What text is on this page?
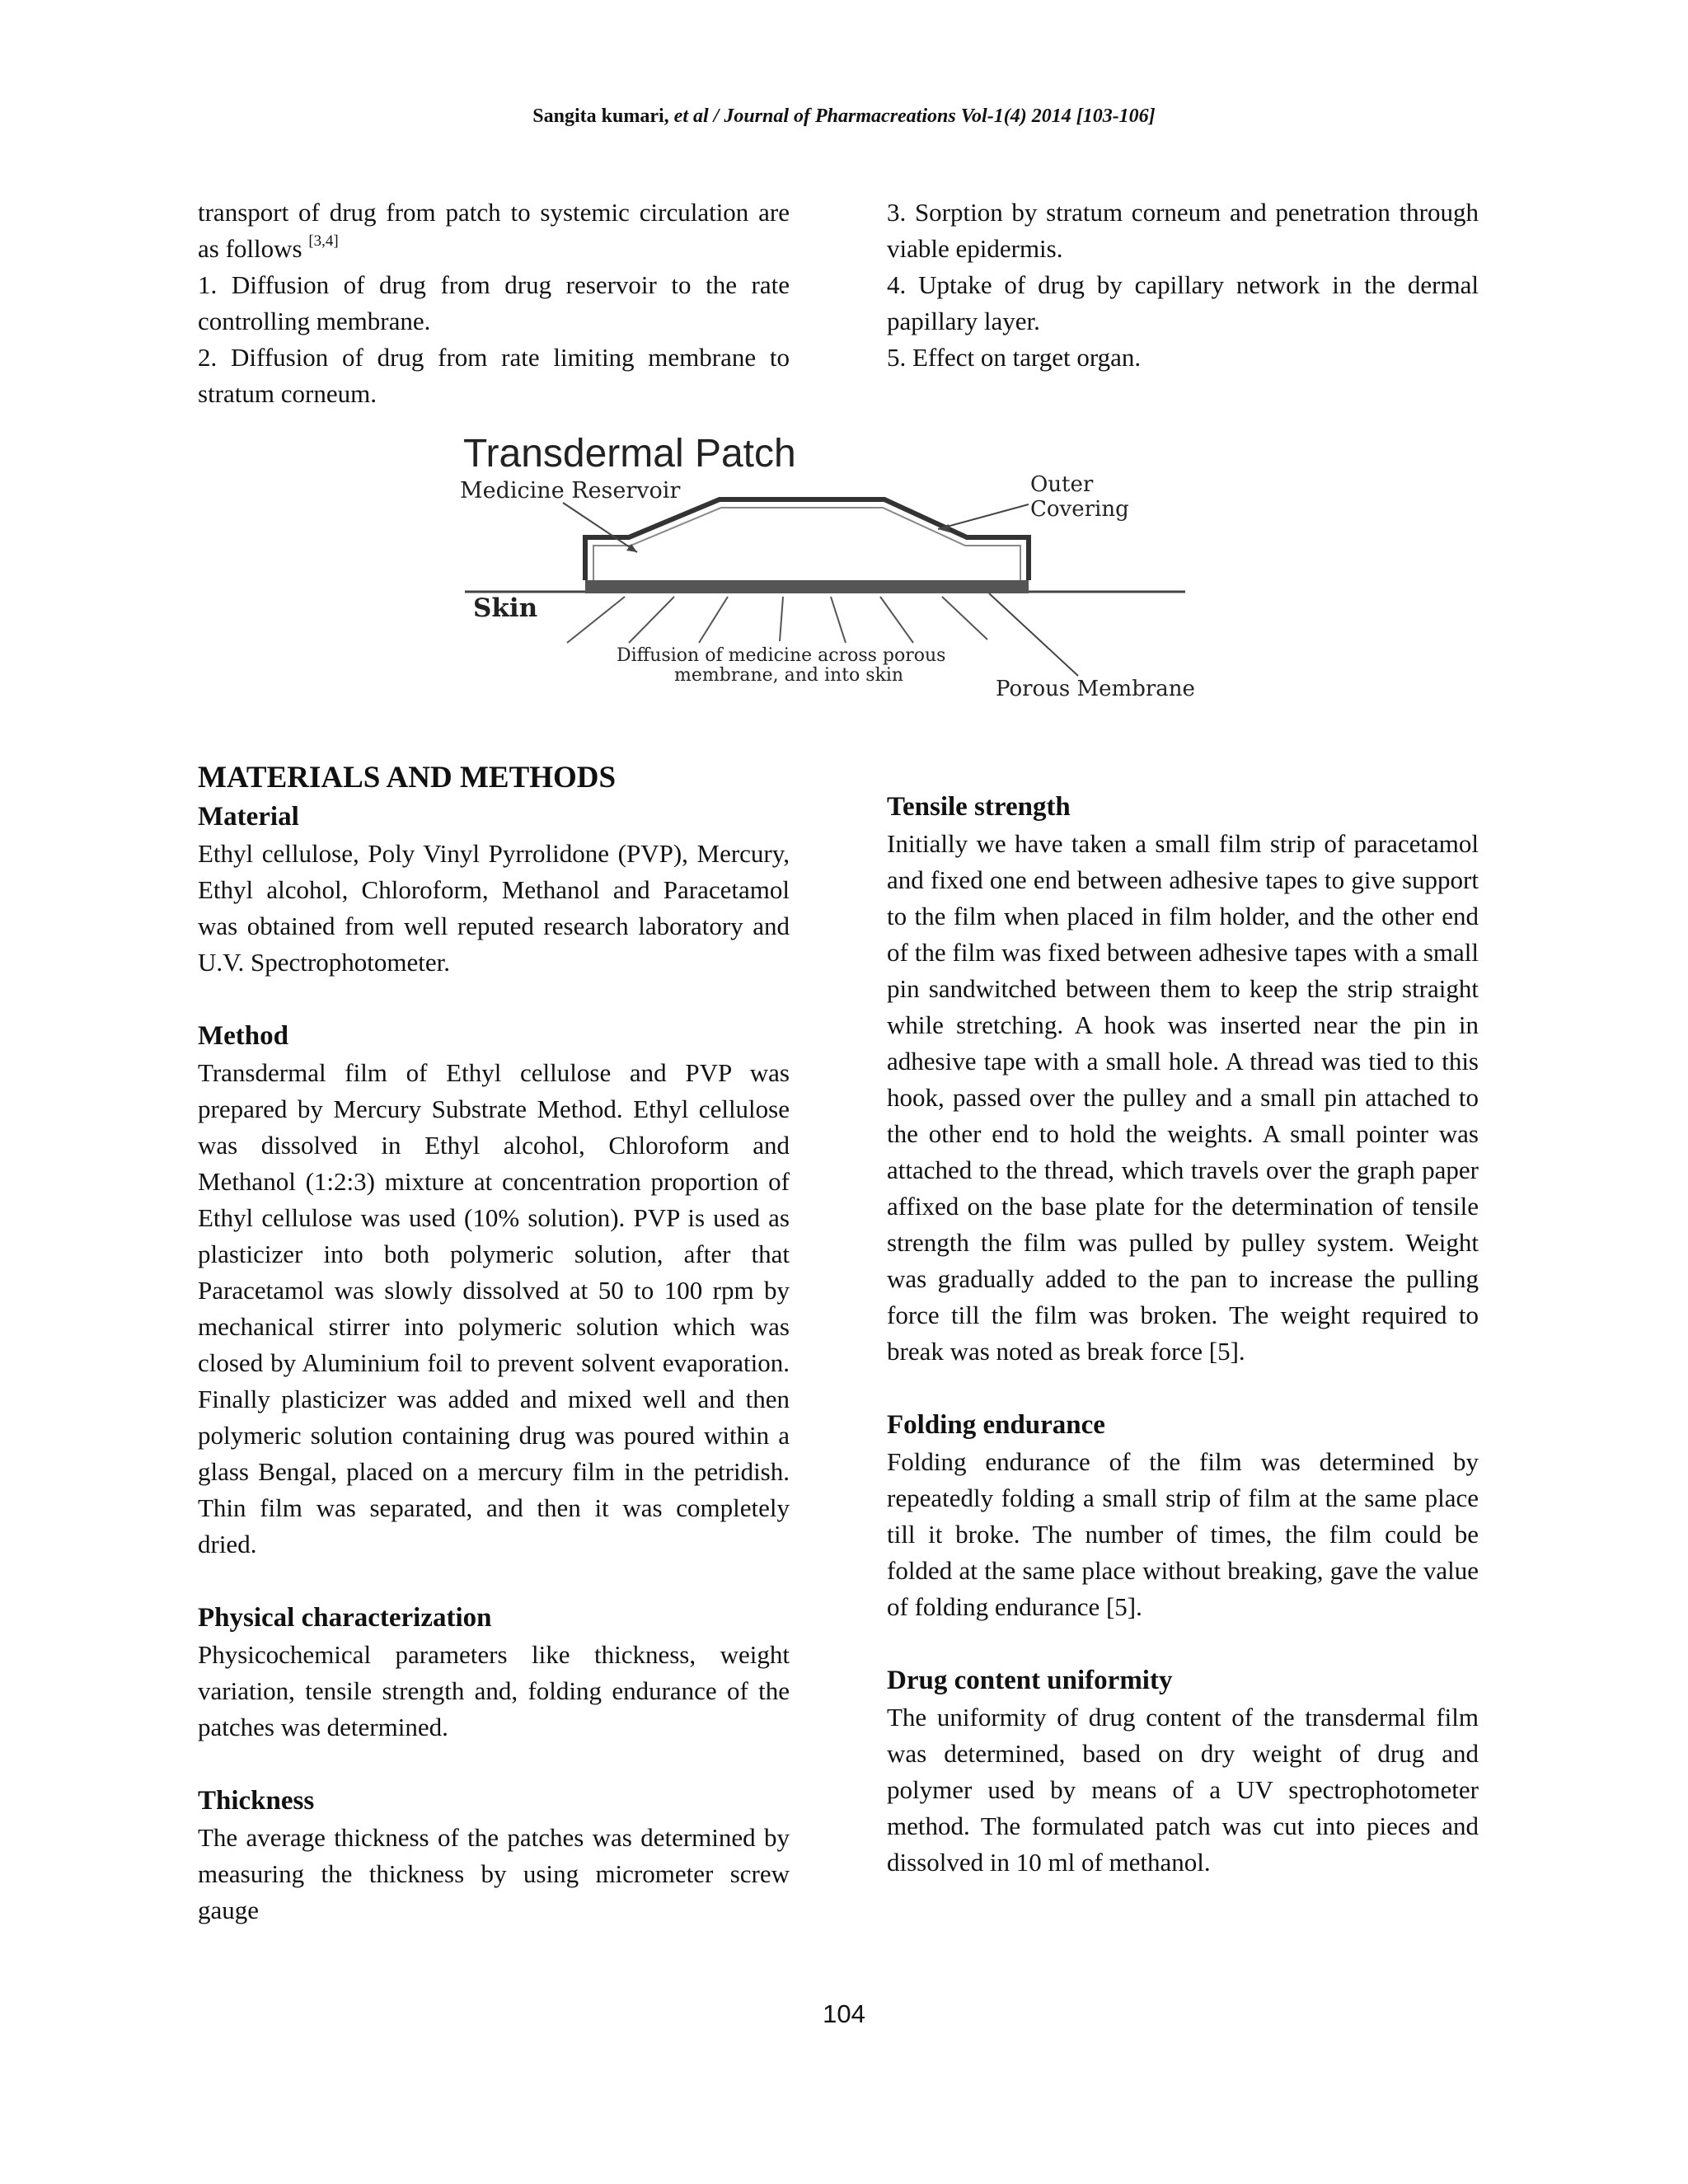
Sangita kumari, et al / Journal of Pharmacreations Vol-1(4) 2014 [103-106]

transport of drug from patch to systemic circulation are as follows [3,4]

1. Diffusion of drug from drug reservoir to the rate controlling membrane.

2. Diffusion of drug from rate limiting membrane to stratum corneum.

3. Sorption by stratum corneum and penetration through viable epidermis.

4. Uptake of drug by capillary network in the dermal papillary layer.

5. Effect on target organ.

Transdermal Patch
Medicine Reservoir	Outer
Covering
Skin
Diffusion of medicine across porous
membrane, and into skin
Porous Membrane
MATERIALS AND METHODS
Material

Ethyl cellulose, Poly Vinyl Pyrrolidone (PVP), Mercury, Ethyl alcohol, Chloroform, Methanol and Paracetamol was obtained from well reputed research laboratory and U.V. Spectrophotometer.

Method

Transdermal film of Ethyl cellulose and PVP was prepared by Mercury Substrate Method. Ethyl cellulose was dissolved in Ethyl alcohol, Chloroform and Methanol (1:2:3) mixture at concentration proportion of Ethyl cellulose was used (10% solution). PVP is used as plasticizer into both polymeric solution, after that Paracetamol was slowly dissolved at 50 to 100 rpm by mechanical stirrer into polymeric solution which was closed by Aluminium foil to prevent solvent evaporation. Finally plasticizer was added and mixed well and then polymeric solution containing drug was poured within a glass Bengal, placed on a mercury film in the petridish. Thin film was separated, and then it was completely dried.

Physical characterization

Physicochemical parameters like thickness, weight variation, tensile strength and, folding endurance of the patches was determined.

Thickness

The average thickness of the patches was determined by measuring the thickness by using micrometer screw gauge

Tensile strength

Initially we have taken a small film strip of paracetamol and fixed one end between adhesive tapes to give support to the film when placed in film holder, and the other end of the film was fixed between adhesive tapes with a small pin sandwitched between them to keep the strip straight while stretching. A hook was inserted near the pin in adhesive tape with a small hole. A thread was tied to this hook, passed over the pulley and a small pin attached to the other end to hold the weights. A small pointer was attached to the thread, which travels over the graph paper affixed on the base plate for the determination of tensile strength the film was pulled by pulley system. Weight was gradually added to the pan to increase the pulling force till the film was broken. The weight required to break was noted as break force [5].

Folding endurance

Folding endurance of the film was determined by repeatedly folding a small strip of film at the same place till it broke. The number of times, the film could be folded at the same place without breaking, gave the value of folding endurance [5].

Drug content uniformity

The uniformity of drug content of the transdermal film was determined, based on dry weight of drug and polymer used by means of a UV spectrophotometer method. The formulated patch was cut into pieces and dissolved in 10 ml of methanol.

104
